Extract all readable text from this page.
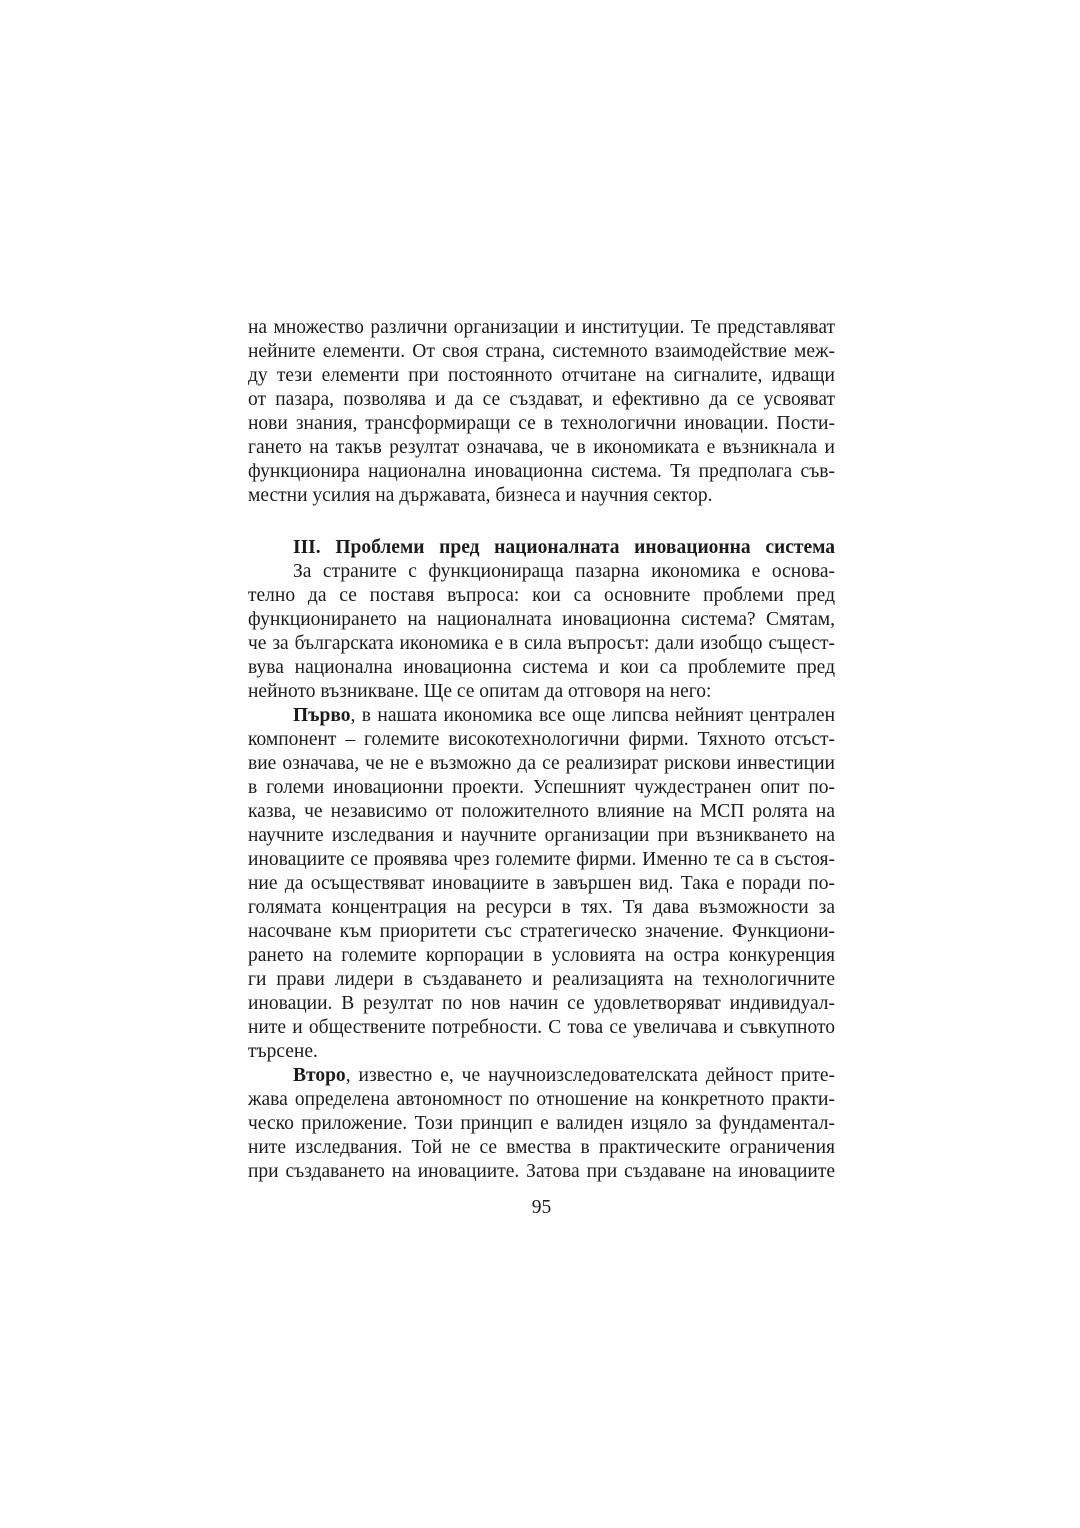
на множество различни организации и институции. Те представляват
нейните елементи. От своя страна, системното взаимодействие меж-
ду тези елементи при постоянното отчитане на сигналите, идващи
от пазара, позволява и да се създават, и ефективно да се усвояват
нови знания, трансформиращи се в технологични иновации. Пости-
гането на такъв резултат означава, че в икономиката е възникнала и
функционира национална иновационна система. Тя предполага съв-
местни усилия на държавата, бизнеса и научния сектор.
III. Проблеми пред националната иновационна система
За страните с функционираща пазарна икономика е основа-
телно да се поставя въпроса: кои са основните проблеми пред
функционирането на националната иновационна система? Смятам,
че за българската икономика е в сила въпросът: дали изобщо същест-
вува национална иновационна система и кои са проблемите пред
нейното възникване. Ще се опитам да отговоря на него:
Първо, в нашата икономика все още липсва нейният централен
компонент – големите високотехнологични фирми. Тяхното отсъст-
вие означава, че не е възможно да се реализират рискови инвестиции
в големи иновационни проекти. Успешният чуждестранен опит по-
казва, че независимо от положителното влияние на МСП ролята на
научните изследвания и научните организации при възникването на
иновациите се проявява чрез големите фирми. Именно те са в състоя-
ние да осъществяват иновациите в завършен вид. Така е поради по-
голямата концентрация на ресурси в тях. Тя дава възможности за
насочване към приоритети със стратегическо значение. Функциони-
рането на големите корпорации в условията на остра конкуренция
ги прави лидери в създаването и реализацията на технологичните
иновации. В резултат по нов начин се удовлетворяват индивидуал-
ните и обществените потребности. С това се увеличава и съвкупното
търсене.
Второ, известно е, че научноизследователската дейност прите-
жава определена автономност по отношение на конкретното практи-
ческо приложение. Този принцип е валиден изцяло за фундаментал-
ните изследвания. Той не се вмества в практическите ограничения
при създаването на иновациите. Затова при създаване на иновациите
95
